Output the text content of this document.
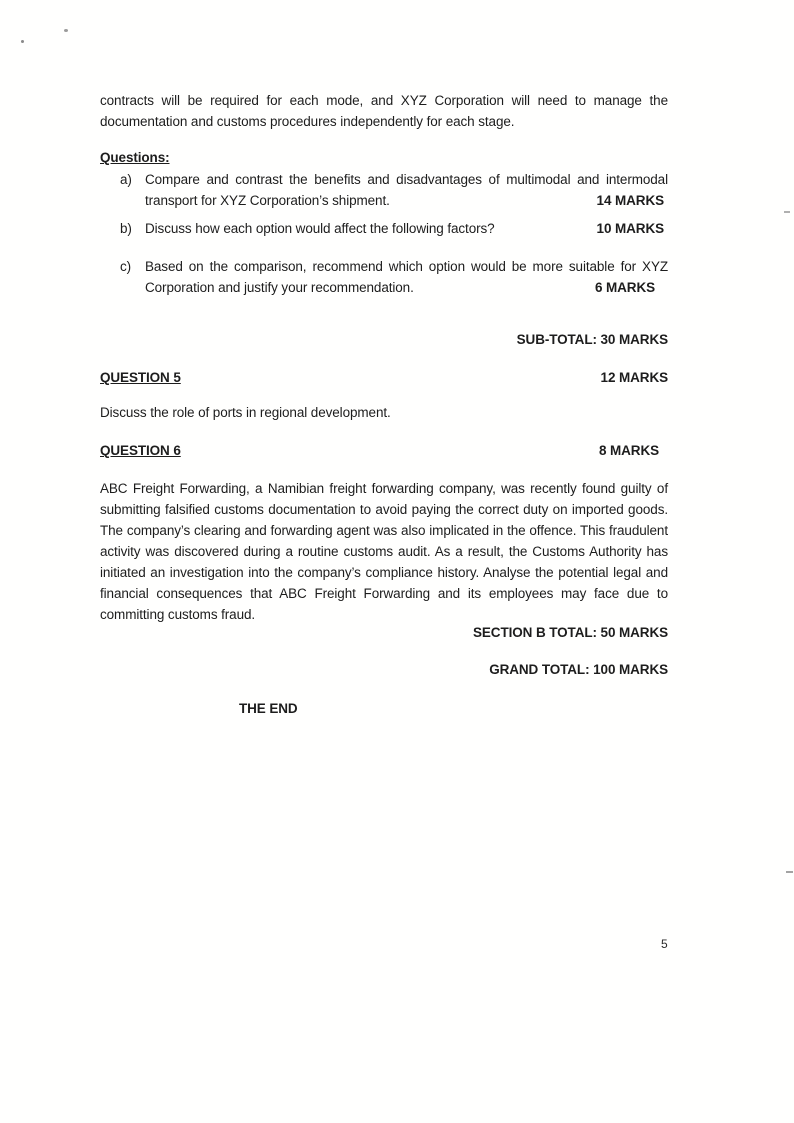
contracts will be required for each mode, and XYZ Corporation will need to manage the documentation and customs procedures independently for each stage.
Questions:
a) Compare and contrast the benefits and disadvantages of multimodal and intermodal transport for XYZ Corporation’s shipment.	14 MARKS
b) Discuss how each option would affect the following factors?	10 MARKS
c)	Based on the comparison, recommend which option would be more suitable for XYZ Corporation and justify your recommendation.	6 MARKS
SUB-TOTAL: 30 MARKS
QUESTION 5	12 MARKS
Discuss the role of ports in regional development.
QUESTION 6	8 MARKS
ABC Freight Forwarding, a Namibian freight forwarding company, was recently found guilty of submitting falsified customs documentation to avoid paying the correct duty on imported goods. The company’s clearing and forwarding agent was also implicated in the offence. This fraudulent activity was discovered during a routine customs audit. As a result, the Customs Authority has initiated an investigation into the company’s compliance history. Analyse the potential legal and financial consequences that ABC Freight Forwarding and its employees may face due to committing customs fraud.
SECTION B TOTAL: 50 MARKS
GRAND TOTAL: 100 MARKS
THE END
5
